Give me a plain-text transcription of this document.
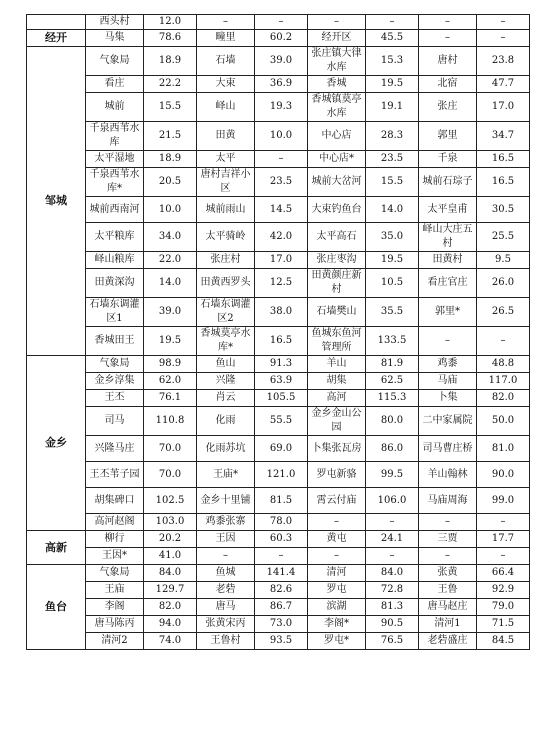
	西头村	12.0	–	–	–	–	–	–
经开	马集	78.6	疃里	60.2	经开区	45.5	–	–
邹城	气象局	18.9	石墙	39.0	张庄镇大律水库	15.3	唐村	23.8
	看庄	22.2	大束	36.9	香城	19.5	北宿	47.7
	城前	15.5	峄山	19.3	香城镇莫亭水库	19.1	张庄	17.0
	千泉西苇水库	21.5	田黄	10.0	中心店	28.3	郭里	34.7
	太平湿地	18.9	太平	–	中心店*	23.5	千泉	16.5
	千泉西苇水库*	20.5	唐村吉祥小区	23.5	城前大岔河	15.5	城前石琮子	16.5
	城前西南河	10.0	城前雨山	14.5	大束钓鱼台	14.0	太平皇甫	30.5
	太平粮库	34.0	太平骑岭	42.0	太平高石	35.0	峄山大庄五村	25.5
	峄山粮库	22.0	张庄村	17.0	张庄枣沟	19.5	田黄村	9.5
	田黄深沟	14.0	田黄西罗头	12.5	田黄颜庄新村	10.5	看庄官庄	26.0
	石墙东调灌区1	39.0	石墙东调灌区2	38.0	石墙樊山	35.5	郭里*	26.5
	香城田王	19.5	香城莫亭水库*	16.5	鱼城东鱼河管理所	133.5	–	–
金乡	气象局	98.9	鱼山	91.3	羊山	81.9	鸡黍	48.8
	金乡淳集	62.0	兴隆	63.9	胡集	62.5	马庙	117.0
	王丕	76.1	肖云	105.5	高河	115.3	卜集	82.0
	司马	110.8	化雨	55.5	金乡金山公园	80.0	二中家属院	50.0
	兴隆马庄	70.0	化雨苏坑	69.0	卜集张瓦房	86.0	司马曹庄桥	81.0
	王丕苇子园	70.0	王庙*	121.0	罗屯新骆	99.5	羊山翰林	90.0
	胡集碑口	102.5	金乡十里铺	81.5	霄云付庙	106.0	马庙周海	99.0
	高河赵阁	103.0	鸡黍张寨	78.0	–	–	–	–
高新	柳行	20.2	王因	60.3	黄屯	24.1	三贾	17.7
	王因*	41.0	–	–	–	–	–	–
鱼台	气象局	84.0	鱼城	141.4	清河	84.0	张黄	66.4
	王庙	129.7	老砦	82.6	罗屯	72.8	王鲁	92.9
	李阁	82.0	唐马	86.7	滨湖	81.3	唐马赵庄	79.0
	唐马陈丙	94.0	张黄宋丙	73.0	李阁*	90.5	清河1	71.5
	清河2	74.0	王鲁村	93.5	罗屯*	76.5	老砦盛庄	84.5
